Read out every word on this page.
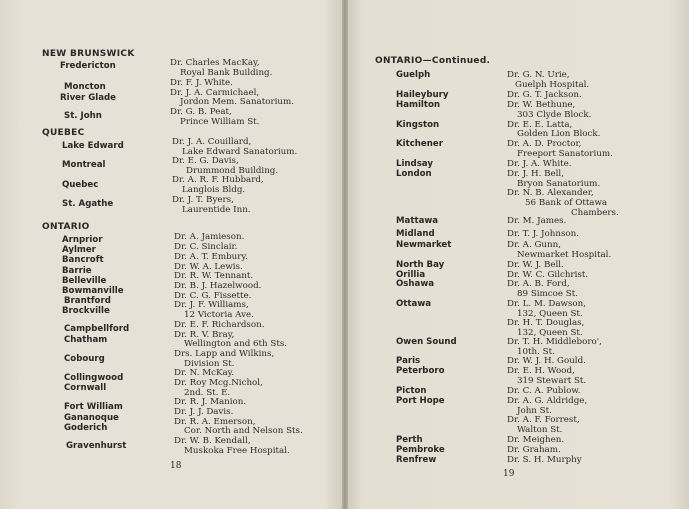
NEW BRUNSWICK
QUEBEC
ONTARIO
Fredericton
Moncton
River Glade
St. John
Lake Edward
Montreal
Quebec
St. Agathe
Arnprior
Aylmer
Bancroft
Barrie
Belleville
Bowmanville
Brantford
Brockville
Campbellford
Chatham
Cobourg
Collingwood
Cornwall
Fort William
Gananoque
Goderich
Gravenhurst
Dr. Charles MacKay,
Royal Bank Building.
Dr. F. J. White.
Dr. J. A. Carmichael,
Jordon Mem. Sanatorium.
Dr. G. B. Peat,
Prince William St.
Dr. J. A. Couillard,
Lake Edward Sanatorium.
Dr. E. G. Davis,
Drummond Building.
Dr. A. R. F. Hubbard,
Langlois Bldg.
Dr. J. T. Byers,
Laurentide Inn.
Dr. A. Jamieson.
Dr. C. Sinclair.
Dr. A. T. Embury.
Dr. W. A. Lewis.
Dr. R. W. Tennant.
Dr. B. J. Hazelwood.
Dr. C. G. Fissette.
Dr. J. F. Williams,
12 Victoria Ave.
Dr. E. F. Richardson.
Dr. R. V. Bray,
Wellington and 6th Sts.
Drs. Lapp and Wilkins,
Division St.
Dr. N. McKay.
Dr. Roy Mcg.Nichol,
2nd. St. E.
Dr. R. J. Manion.
Dr. J. J. Davis.
Dr. R. A. Emerson,
Cor. North and Nelson Sts.
Dr. W. B. Kendall,
Muskoka Free Hospital.
18
ONTARIO—Continued.
Guelph
Haileybury
Hamilton
Kingston
Kitchener
Lindsay
London
Mattawa
Midland
Newmarket
North Bay
Orillia
Oshawa
Ottawa
Owen Sound
Paris
Peterboro
Picton
Port Hope
Perth
Pembroke
Renfrew
Dr. G. N. Urie,
Guelph Hospital.
Dr. G. T. Jackson.
Dr. W. Bethune,
303 Clyde Block.
Dr. E. E. Latta,
Golden Lion Block.
Dr. A. D. Proctor,
Freeport Sanatorium.
Dr. J. A. White.
Dr. J. H. Bell,
Bryon Sanatorium.
Dr. N. B. Alexander,
56 Bank of Ottawa
Chambers.
Dr. M. James.
Dr. T. J. Johnson.
Dr. A. Gunn,
Newmarket Hospital.
Dr. W. J. Bell.
Dr. W. C. Gilchrist.
Dr. A. B. Ford,
89 Simcoe St.
Dr. L. M. Dawson,
132, Queen St.
Dr. H. T. Douglas,
132, Queen St.
Dr. T. H. Middleboro',
10th. St.
Dr. W. J. H. Gould.
Dr. E. H. Wood,
319 Stewart St.
Dr. C. A. Publow.
Dr. A. G. Aldridge,
John St.
Dr. A. F. Forrest,
Walton St.
Dr. Meighen.
Dr. Graham.
Dr. S. H. Murphy
19
